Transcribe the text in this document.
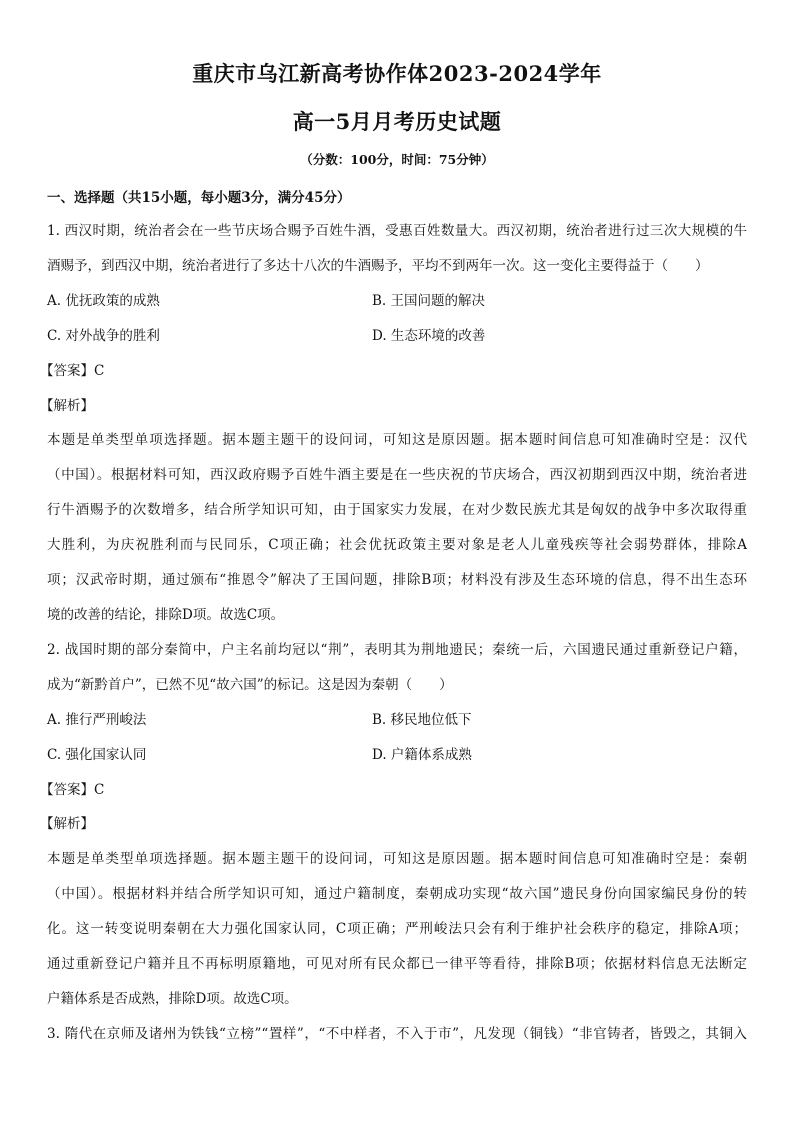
重庆市乌江新高考协作体2023-2024学年
高一5月月考历史试题
（分数：100分，时间：75分钟）
一、选择题（共15小题，每小题3分，满分45分）
1. 西汉时期，统治者会在一些节庆场合赐予百姓牛酒，受惠百姓数量大。西汉初期，统治者进行过三次大规模的牛
酒赐予，到西汉中期，统治者进行了多达十八次的牛酒赐予，平均不到两年一次。这一变化主要得益于（　　）
A. 优抚政策的成熟	B. 王国问题的解决
C. 对外战争的胜利	D. 生态环境的改善
【答案】C
【解析】
本题是单类型单项选择题。据本题主题干的设问词，可知这是原因题。据本题时间信息可知准确时空是：汉代
（中国）。根据材料可知，西汉政府赐予百姓牛酒主要是在一些庆祝的节庆场合，西汉初期到西汉中期，统治者进
行牛酒赐予的次数增多，结合所学知识可知，由于国家实力发展，在对少数民族尤其是匈奴的战争中多次取得重
大胜利，为庆祝胜利而与民同乐，C项正确；社会优抚政策主要对象是老人儿童残疾等社会弱势群体，排除A
项；汉武帝时期，通过颁布“推恩令”解决了王国问题，排除B项；材料没有涉及生态环境的信息，得不出生态环
境的改善的结论，排除D项。故选C项。
2. 战国时期的部分秦简中，户主名前均冠以“荆”，表明其为荆地遗民；秦统一后，六国遗民通过重新登记户籍，
成为“新黔首户”，已然不见“故六国”的标记。这是因为秦朝（　　）
A. 推行严刑峻法	B. 移民地位低下
C. 强化国家认同	D. 户籍体系成熟
【答案】C
【解析】
本题是单类型单项选择题。据本题主题干的设问词，可知这是原因题。据本题时间信息可知准确时空是：秦朝
（中国）。根据材料并结合所学知识可知，通过户籍制度，秦朝成功实现“故六国”遗民身份向国家编民身份的转
化。这一转变说明秦朝在大力强化国家认同，C项正确；严刑峻法只会有利于维护社会秩序的稳定，排除A项；
通过重新登记户籍并且不再标明原籍地，可见对所有民众都已一律平等看待，排除B项；依据材料信息无法断定
户籍体系是否成熟，排除D项。故选C项。
3. 隋代在京师及诸州为铁钱“立榜”“置样”，“不中样者，不入于市”，凡发现（铜钱）“非官铸者，皆毁之，其铜入
